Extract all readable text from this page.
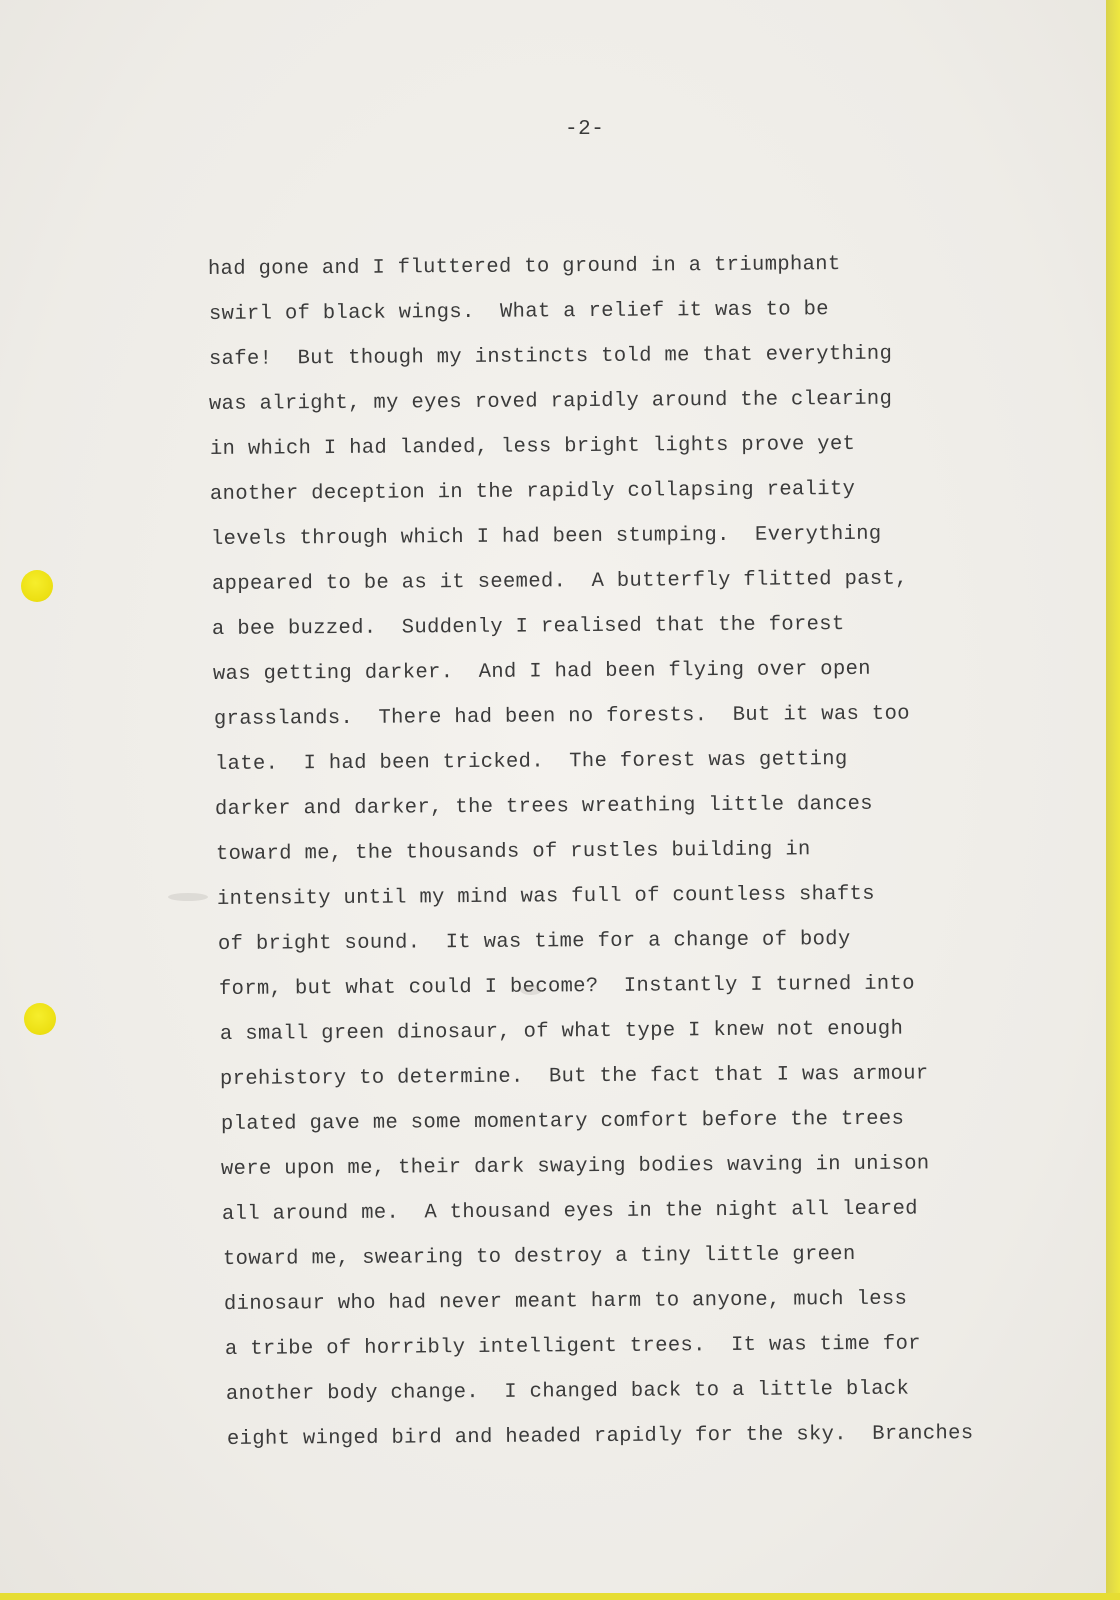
-2-
had gone and I fluttered to ground in a triumphant
swirl of black wings.  What a relief it was to be
safe!  But though my instincts told me that everything
was alright, my eyes roved rapidly around the clearing
in which I had landed, less bright lights prove yet
another deception in the rapidly collapsing reality
levels through which I had been stumping.  Everything
appeared to be as it seemed.  A butterfly flitted past,
a bee buzzed.  Suddenly I realised that the forest
was getting darker.  And I had been flying over open
grasslands.  There had been no forests.  But it was too
late.  I had been tricked.  The forest was getting
darker and darker, the trees wreathing little dances
toward me, the thousands of rustles building in
intensity until my mind was full of countless shafts
of bright sound.  It was time for a change of body
form, but what could I become?  Instantly I turned into
a small green dinosaur, of what type I knew not enough
prehistory to determine.  But the fact that I was armour
plated gave me some momentary comfort before the trees
were upon me, their dark swaying bodies waving in unison
all around me.  A thousand eyes in the night all leared
toward me, swearing to destroy a tiny little green
dinosaur who had never meant harm to anyone, much less
a tribe of horribly intelligent trees.  It was time for
another body change.  I changed back to a little black
eight winged bird and headed rapidly for the sky.  Branches
